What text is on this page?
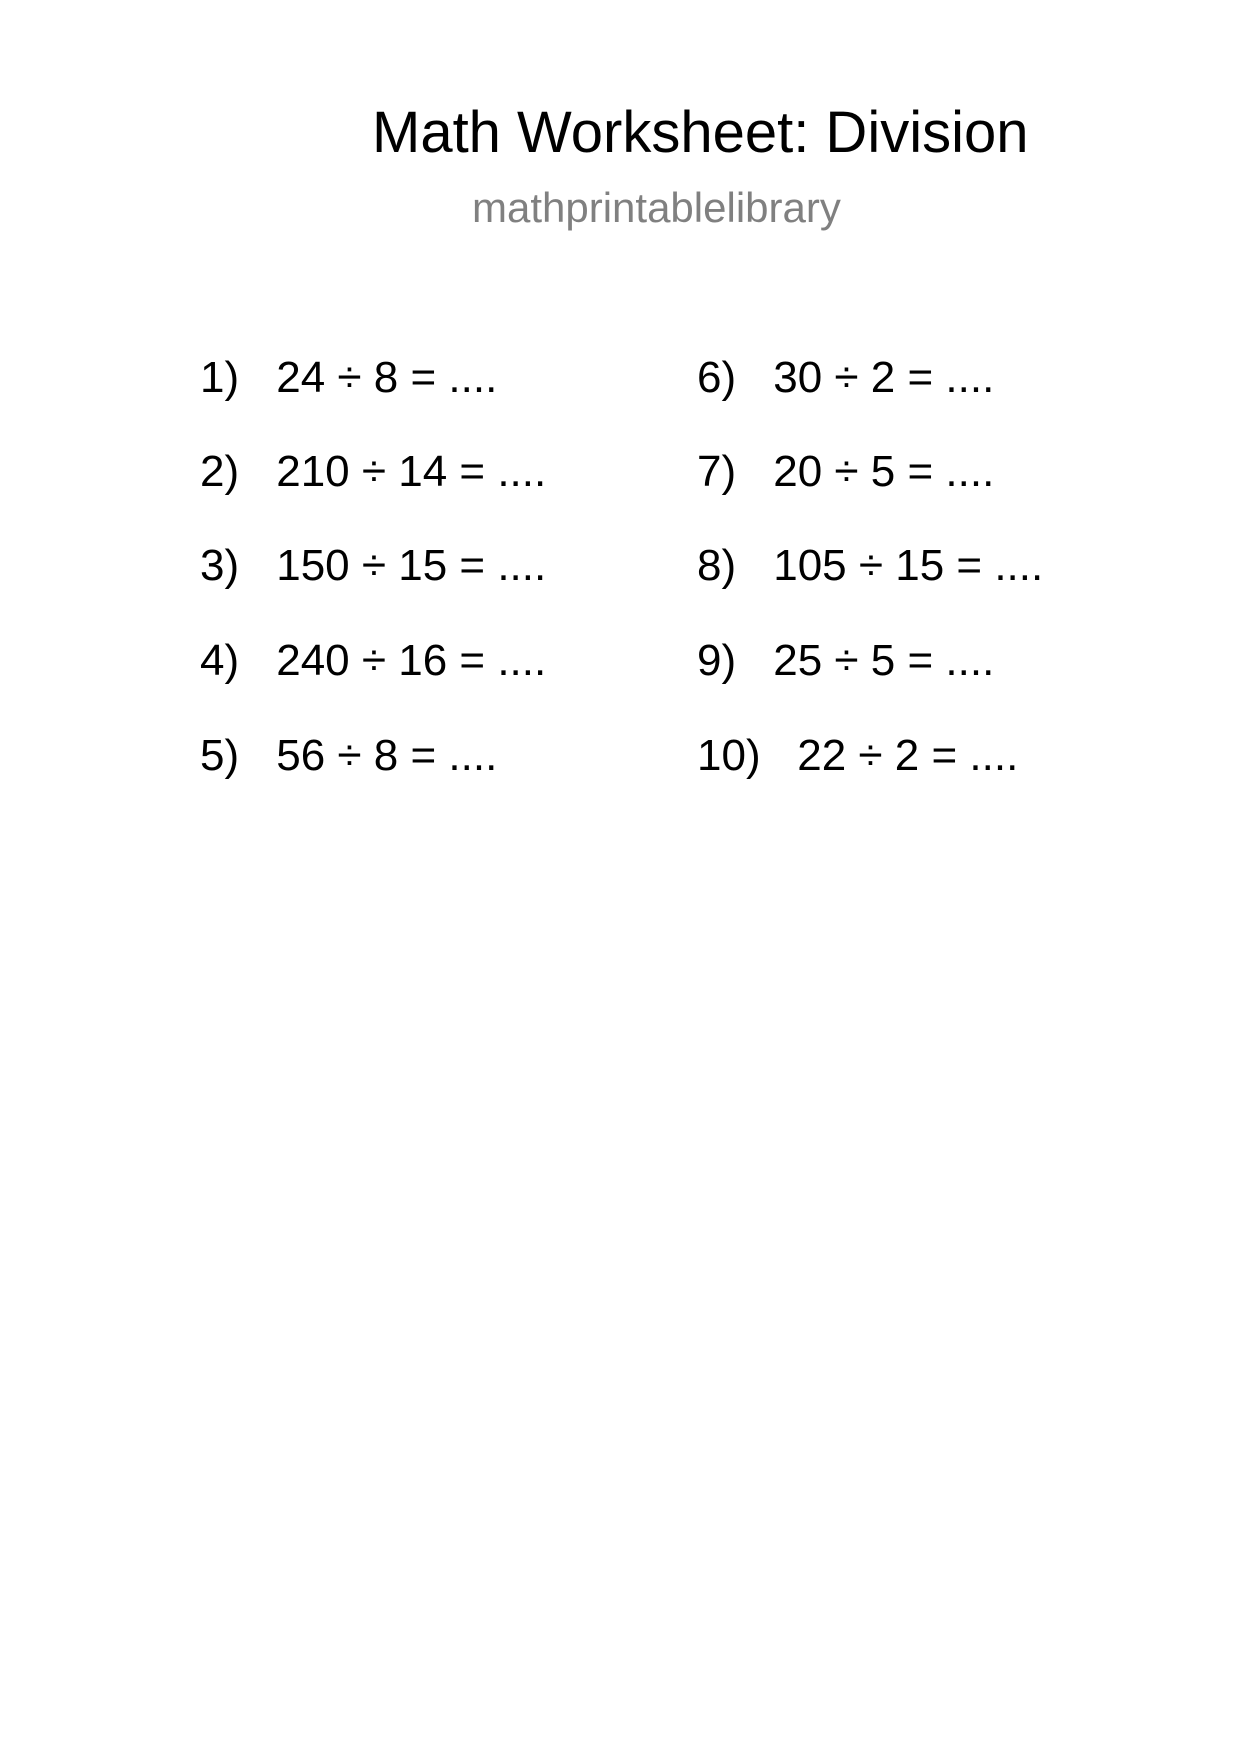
Math Worksheet: Division
mathprintablelibrary
1) 24 ÷ 8 = ....
2) 210 ÷ 14 = ....
3) 150 ÷ 15 = ....
4) 240 ÷ 16 = ....
5) 56 ÷ 8 = ....
6) 30 ÷ 2 = ....
7) 20 ÷ 5 = ....
8) 105 ÷ 15 = ....
9) 25 ÷ 5 = ....
10) 22 ÷ 2 = ....
